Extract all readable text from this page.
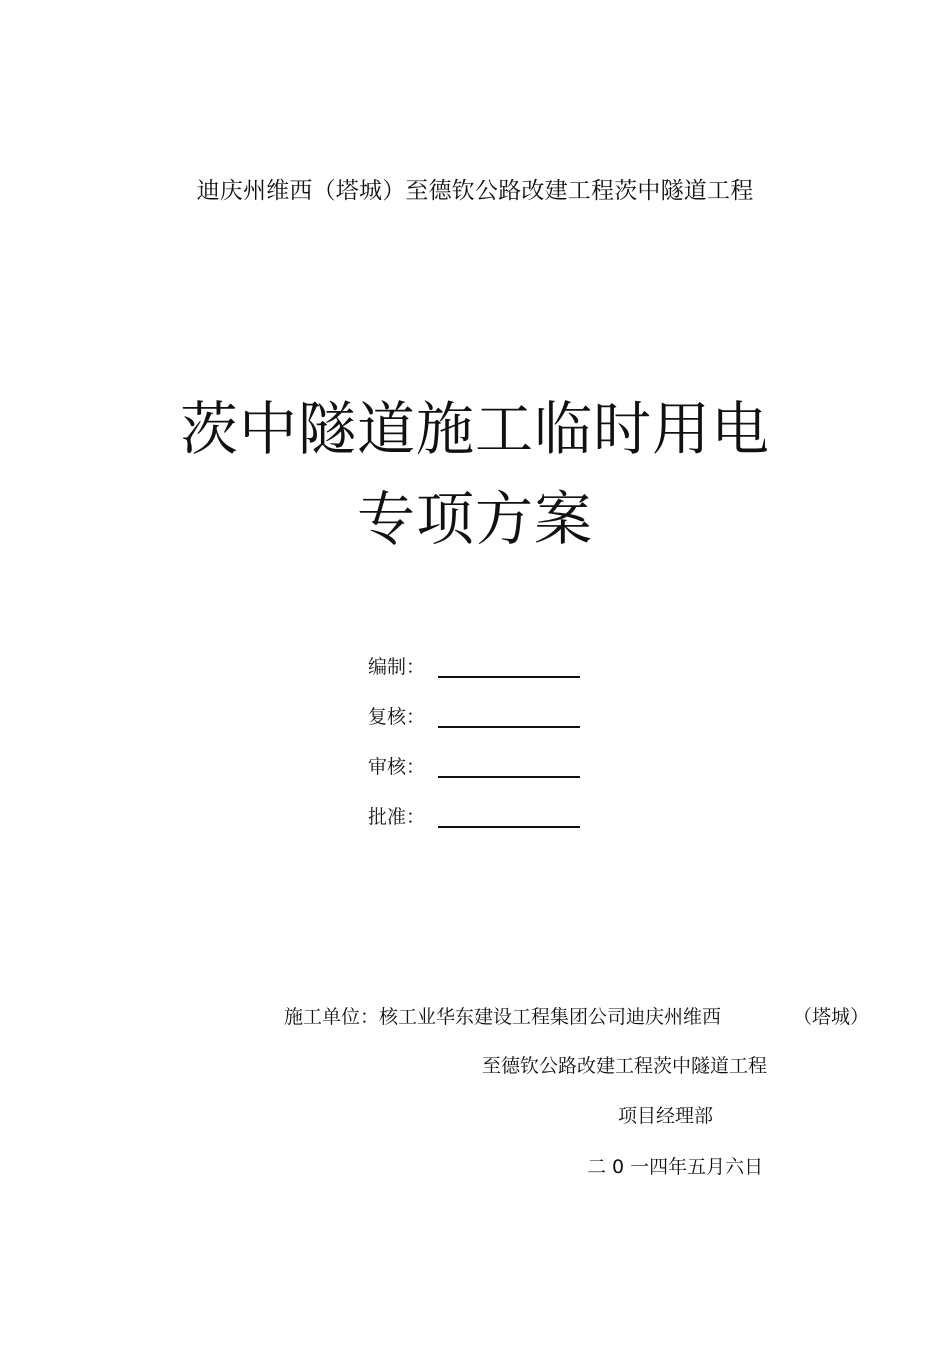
迪庆州维西（塔城）至德钦公路改建工程茨中隧道工程
茨中隧道施工临时用电
专项方案
编制：
复核：
审核：
批准：
施工单位：核工业华东建设工程集团公司迪庆州维西	（塔城）
至德钦公路改建工程茨中隧道工程
项目经理部
二 0 一四年五月六日
